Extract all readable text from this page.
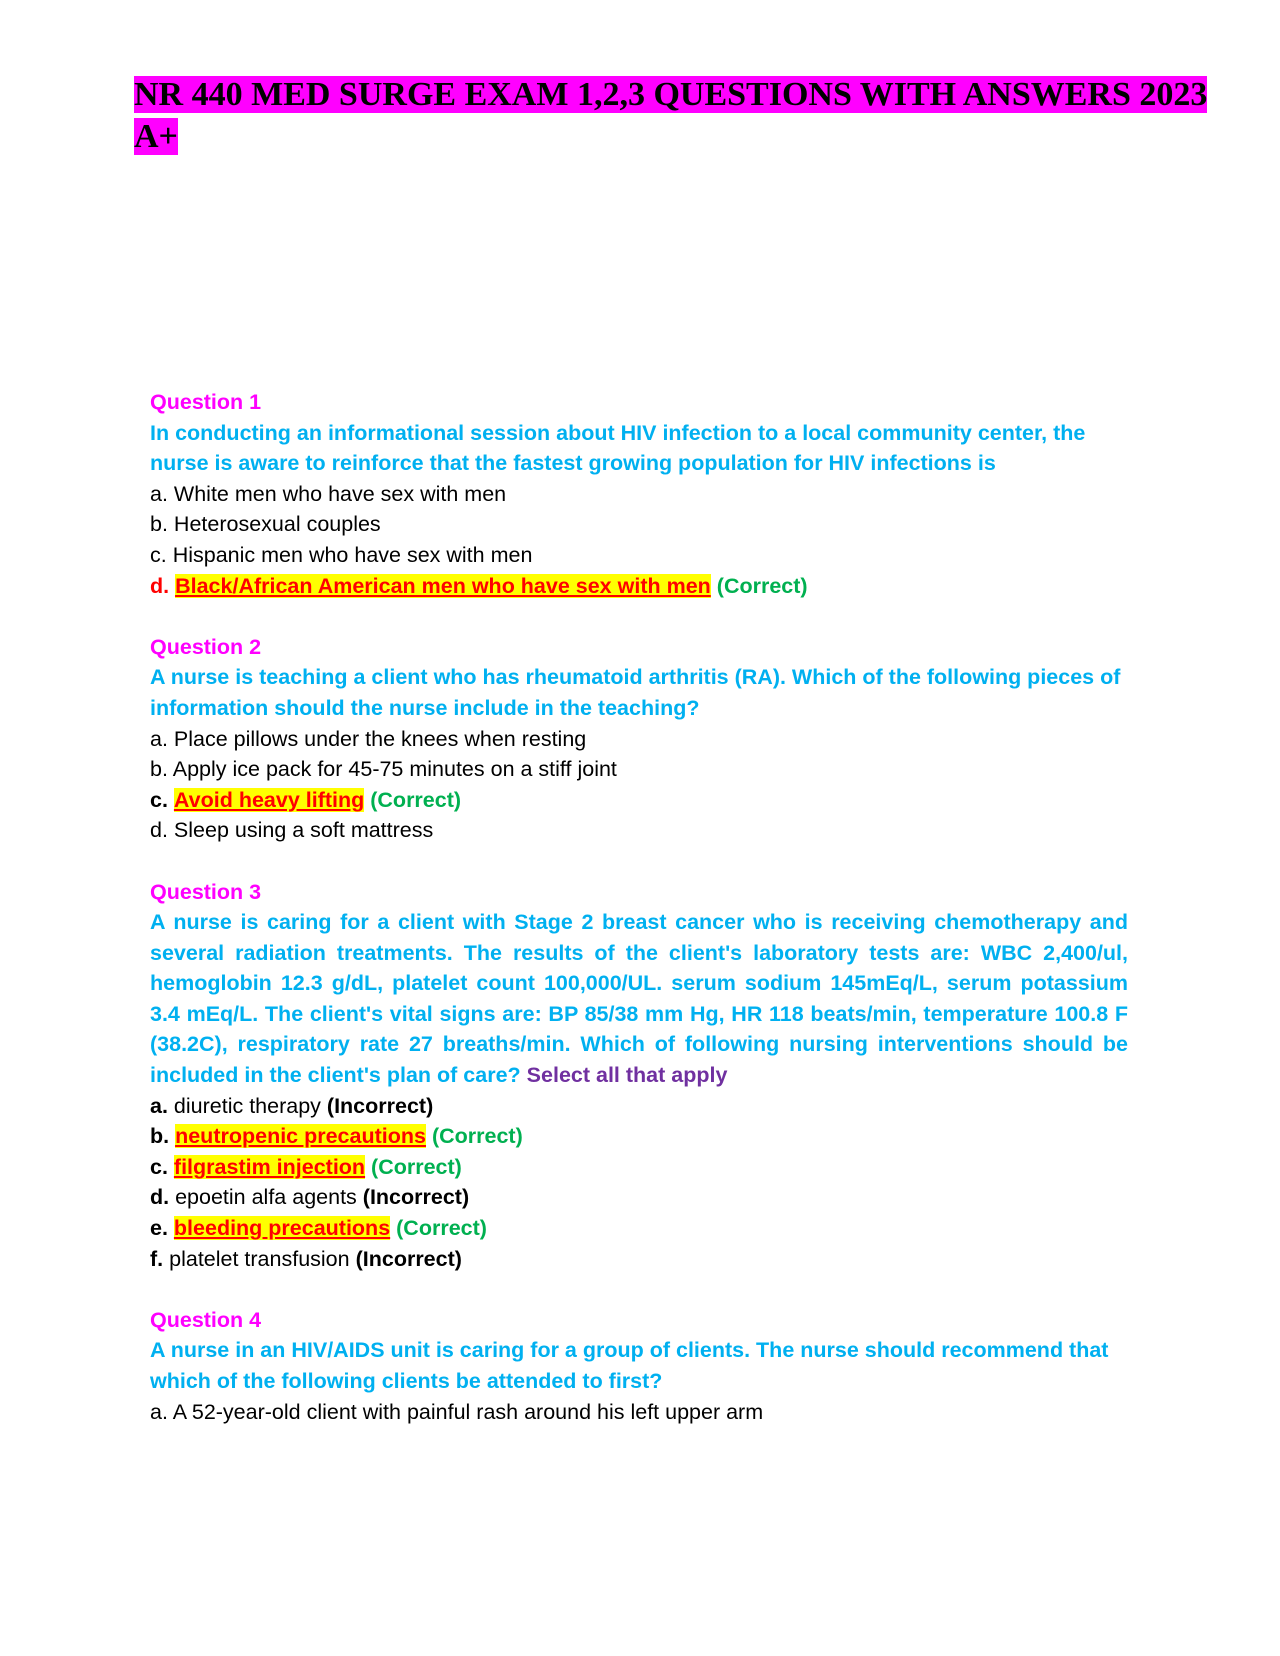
NR 440 MED SURGE EXAM 1,2,3 QUESTIONS WITH ANSWERS 2023 A+
Question 1
In conducting an informational session about HIV infection to a local community center, the nurse is aware to reinforce that the fastest growing population for HIV infections is
a. White men who have sex with men
b. Heterosexual couples
c. Hispanic men who have sex with men
d. Black/African American men who have sex with men (Correct)
Question 2
A nurse is teaching a client who has rheumatoid arthritis (RA). Which of the following pieces of information should the nurse include in the teaching?
a. Place pillows under the knees when resting
b. Apply ice pack for 45-75 minutes on a stiff joint
c. Avoid heavy lifting (Correct)
d. Sleep using a soft mattress
Question 3
A nurse is caring for a client with Stage 2 breast cancer who is receiving chemotherapy and several radiation treatments. The results of the client's laboratory tests are: WBC 2,400/ul, hemoglobin 12.3 g/dL, platelet count 100,000/UL. serum sodium 145mEq/L, serum potassium 3.4 mEq/L. The client's vital signs are: BP 85/38 mm Hg, HR 118 beats/min, temperature 100.8 F (38.2C), respiratory rate 27 breaths/min. Which of following nursing interventions should be included in the client's plan of care? Select all that apply
a. diuretic therapy (Incorrect)
b. neutropenic precautions (Correct)
c. filgrastim injection (Correct)
d. epoetin alfa agents (Incorrect)
e. bleeding precautions (Correct)
f. platelet transfusion (Incorrect)
Question 4
A nurse in an HIV/AIDS unit is caring for a group of clients. The nurse should recommend that which of the following clients be attended to first?
a. A 52-year-old client with painful rash around his left upper arm
